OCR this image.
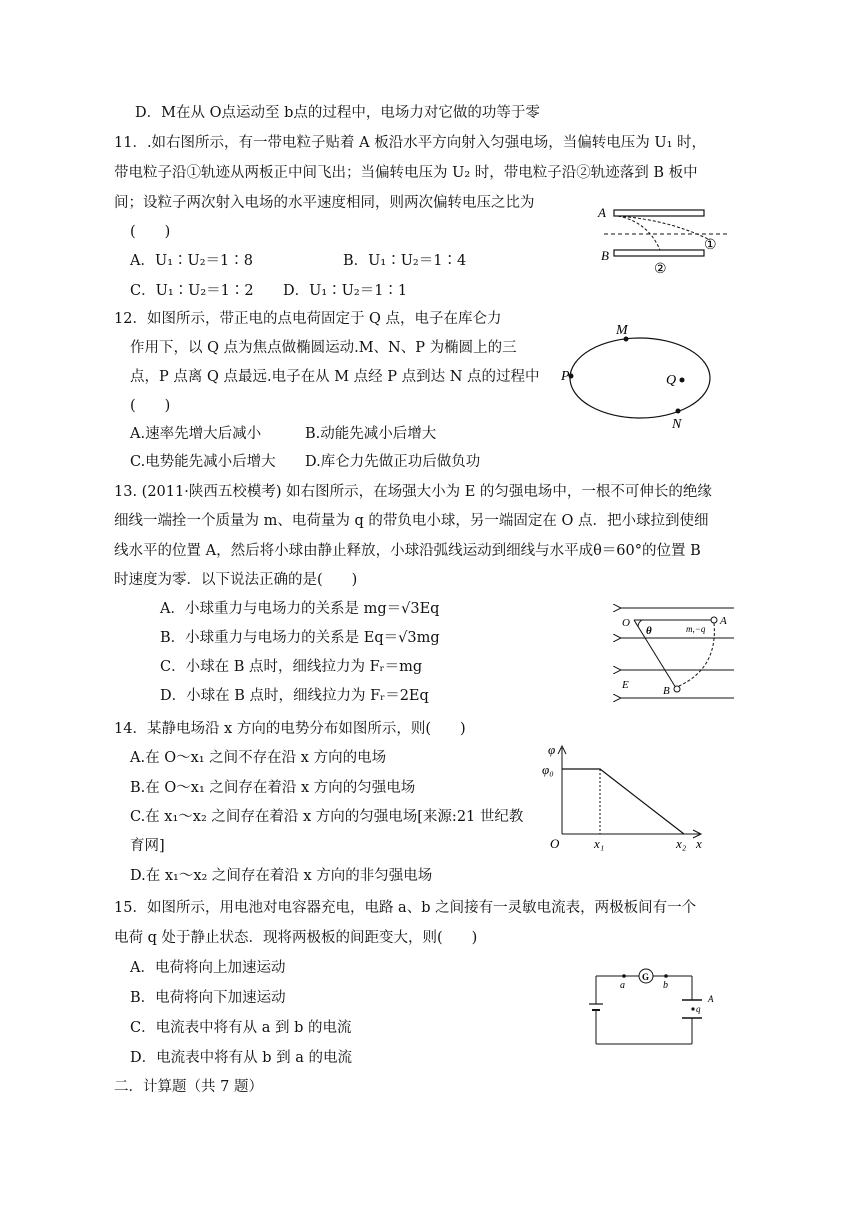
D．M在从 O点运动至 b点的过程中，电场力对它做的功等于零
11．.如右图所示，有一带电粒子贴着 A 板沿水平方向射入匀强电场，当偏转电压为 U₁ 时，
带电粒子沿①轨迹从两板正中间飞出；当偏转电压为 U₂ 时，带电粒子沿②轨迹落到 B 板中
间；设粒子两次射入电场的水平速度相同，则两次偏转电压之比为
(　　)
A．U₁∶U₂＝1∶8	B．U₁∶U₂＝1∶4
C．U₁∶U₂＝1∶2 D．U₁∶U₂＝1∶1
A
①
B
②
12．如图所示，带正电的点电荷固定于 Q 点，电子在库仑力
作用下，以 Q 点为焦点做椭圆运动.M、N、P 为椭圆上的三
点，P 点离 Q 点最远.电子在从 M 点经 P 点到达 N 点的过程中
(　　)
A.速率先增大后减小	B.动能先减小后增大
C.电势能先减小后增大 D.库仑力先做正功后做负功
M
P	Q
N
13. (2011·陕西五校模考) 如右图所示，在场强大小为 E 的匀强电场中，一根不可伸长的绝缘
细线一端拴一个质量为 m、电荷量为 q 的带负电小球，另一端固定在 O 点．把小球拉到使细
线水平的位置 A，然后将小球由静止释放，小球沿弧线运动到细线与水平成θ＝60°的位置 B
时速度为零．以下说法正确的是(　　)
A．小球重力与电场力的关系是 mg＝√3Eq
B．小球重力与电场力的关系是 Eq＝√3mg
C．小球在 B 点时，细线拉力为 Fᵣ＝mg
D．小球在 B 点时，细线拉力为 Fᵣ＝2Eq
O
θ	m,−q
A
E	B
14．某静电场沿 x 方向的电势分布如图所示，则(　　)
A.在 O～x₁ 之间不存在沿 x 方向的电场
B.在 O～x₁ 之间存在着沿 x 方向的匀强电场
C.在 x₁～x₂ 之间存在着沿 x 方向的匀强电场[来源:21 世纪教
育网]
D.在 x₁～x₂ 之间存在着沿 x 方向的非匀强电场
φ
φ₀
O	x₁	x₂ x
15．如图所示，用电池对电容器充电，电路 a、b 之间接有一灵敏电流表，两极板间有一个
电荷 q 处于静止状态．现将两极板的间距变大，则(　　)
A．电荷将向上加速运动
B．电荷将向下加速运动
C．电流表中将有从 a 到 b 的电流
D．电流表中将有从 b 到 a 的电流
G
a	b
A
q
二．计算题（共 7 题）
